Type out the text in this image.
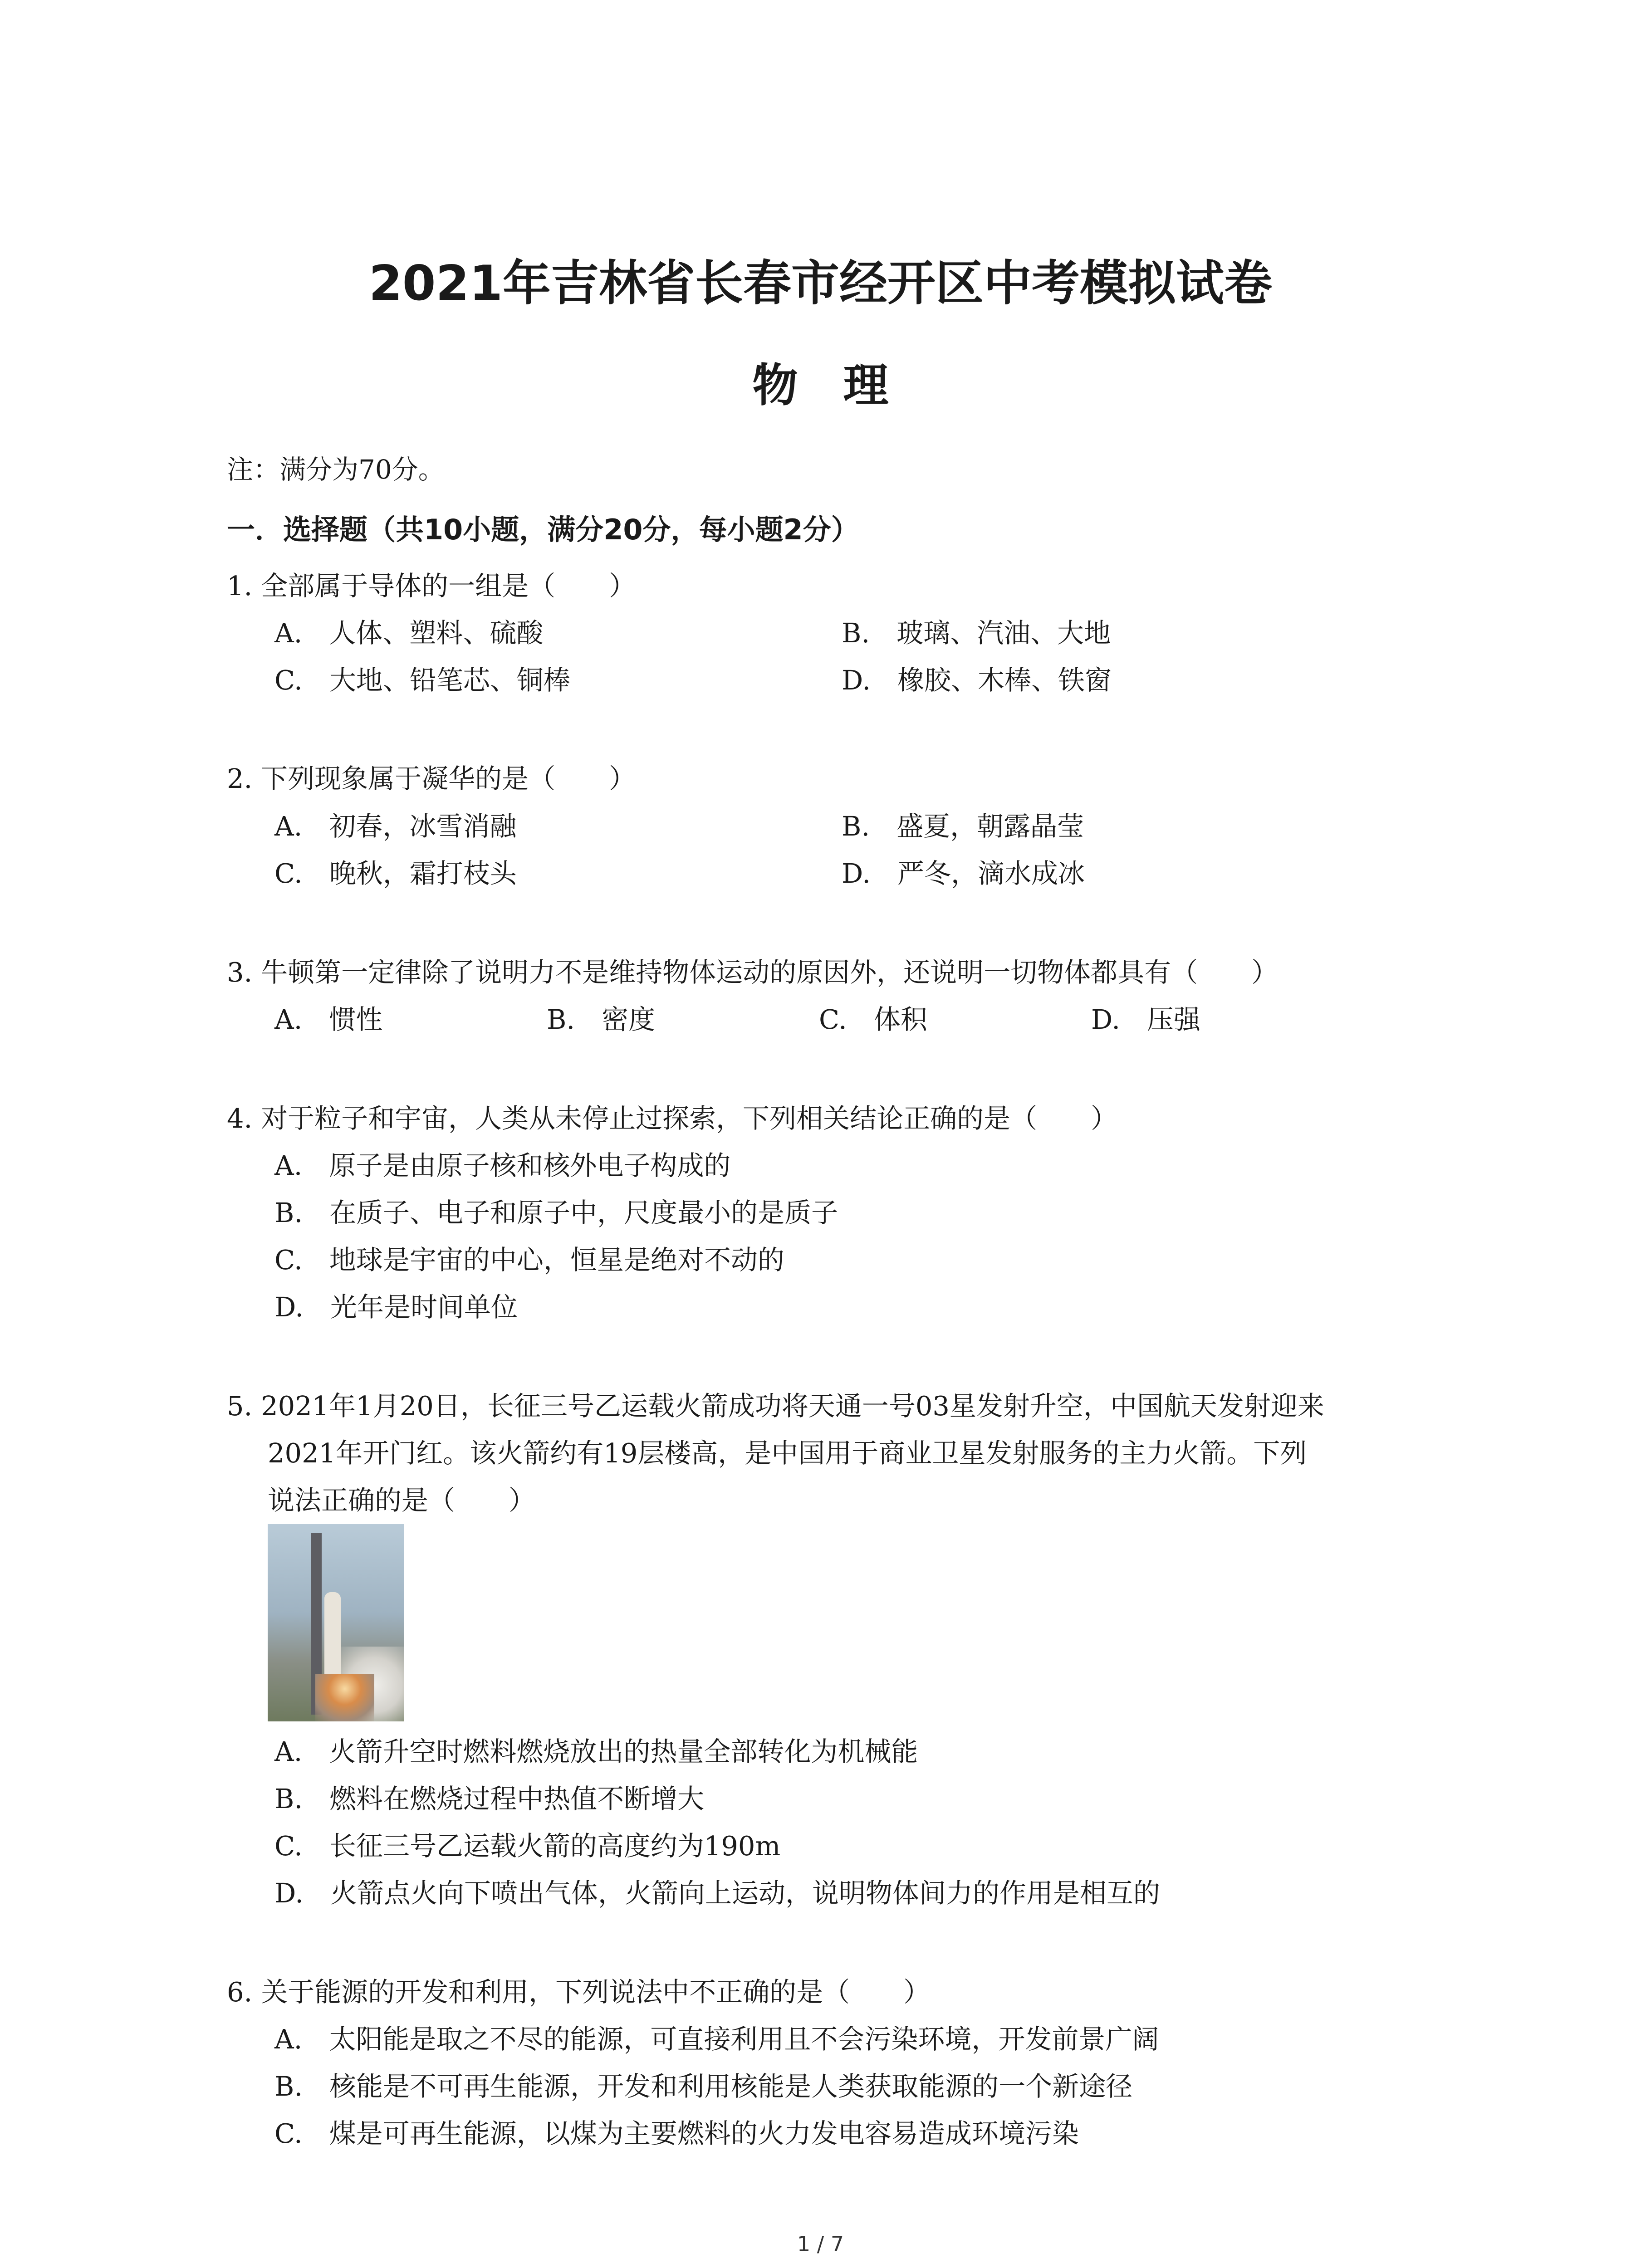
2021年吉林省长春市经开区中考模拟试卷
物　理
注：满分为70分。
一．选择题（共10小题，满分20分，每小题2分）
1. 全部属于导体的一组是（　　）
A.　 人体、塑料、硫酸	B.　 玻璃、汽油、大地
C.　 大地、铅笔芯、铜棒	D.　 橡胶、木棒、铁窗
2. 下列现象属于凝华的是（　　）
A.　 初春，冰雪消融	B.　 盛夏，朝露晶莹
C.　 晚秋，霜打枝头	D.　 严冬，滴水成冰
3. 牛顿第一定律除了说明力不是维持物体运动的原因外，还说明一切物体都具有（　　）
A.　 惯性	B.　 密度	C.　 体积	D.　 压强
4. 对于粒子和宇宙，人类从未停止过探索，下列相关结论正确的是（　　）
A.　 原子是由原子核和核外电子构成的
B.　 在质子、电子和原子中，尺度最小的是质子
C.　 地球是宇宙的中心，恒星是绝对不动的
D.　 光年是时间单位
5. 2021年1月20日，长征三号乙运载火箭成功将天通一号03星发射升空，中国航天发射迎来
2021年开门红。该火箭约有19层楼高，是中国用于商业卫星发射服务的主力火箭。下列
说法正确的是（　　）
A.　 火箭升空时燃料燃烧放出的热量全部转化为机械能
B.　 燃料在燃烧过程中热值不断增大
C.　 长征三号乙运载火箭的高度约为190m
D.　 火箭点火向下喷出气体，火箭向上运动，说明物体间力的作用是相互的
6. 关于能源的开发和利用，下列说法中不正确的是（　　）
A.　 太阳能是取之不尽的能源，可直接利用且不会污染环境，开发前景广阔
B.　 核能是不可再生能源，开发和利用核能是人类获取能源的一个新途径
C.　 煤是可再生能源，以煤为主要燃料的火力发电容易造成环境污染
1 / 7
